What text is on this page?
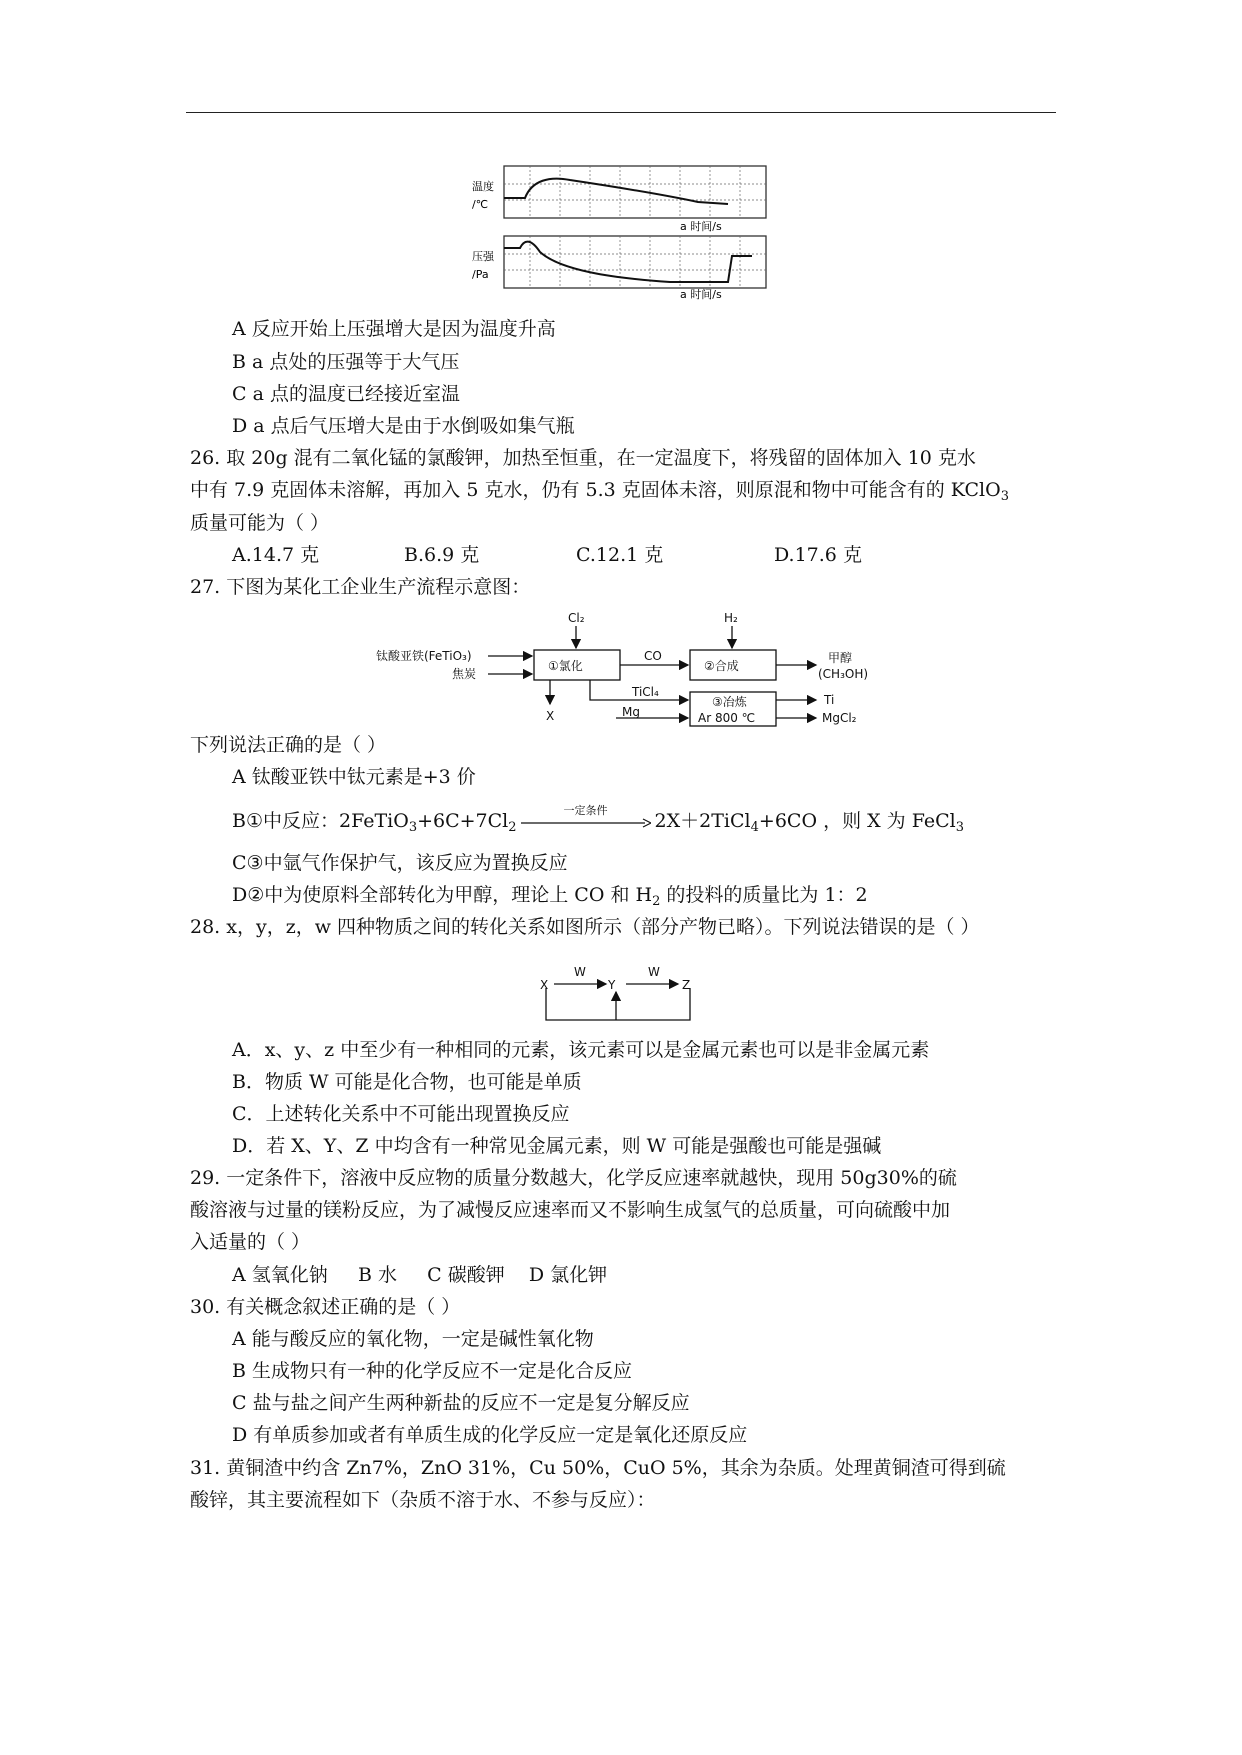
温度
/℃
a 时间/s
压强
/Pa
a 时间/s
A 反应开始上压强增大是因为温度升高
B a 点处的压强等于大气压
C a 点的温度已经接近室温
D a 点后气压增大是由于水倒吸如集气瓶
26. 取 20g 混有二氧化锰的氯酸钾，加热至恒重，在一定温度下，将残留的固体加入 10 克水
中有 7.9 克固体未溶解，再加入 5 克水，仍有 5.3 克固体未溶，则原混和物中可能含有的 KClO$_3$
质量可能为（ ）
A.14.7 克	B.6.9 克	C.12.1 克	D.17.6 克
27. 下图为某化工企业生产流程示意图：
钛酸亚铁(FeTiO₃)
焦炭
Cl₂	H₂
①氯化
CO
②合成
甲醇
(CH₃OH)
TiCl₄
Mg
X
③冶炼
Ar 800 ℃
Ti
MgCl₂
下列说法正确的是（ ）
A 钛酸亚铁中钛元素是+3 价
B①中反应：$2FeTiO_3+6C+7Cl_2$
一定条件	2X＋2TiCl$_4$+6CO ，则 X 为 FeCl$_3$
C③中氩气作保护气，该反应为置换反应
D②中为使原料全部转化为甲醇，理论上 CO 和 $H_2$ 的投料的质量比为 1：2
28. x，y，z，w 四种物质之间的转化关系如图所示（部分产物已略）。下列说法错误的是（ ）
X	Y	Z
W	W
A．x、y、z 中至少有一种相同的元素，该元素可以是金属元素也可以是非金属元素
B．物质 W 可能是化合物，也可能是单质
C．上述转化关系中不可能出现置换反应
D．若 X、Y、Z 中均含有一种常见金属元素，则 W 可能是强酸也可能是强碱
29. 一定条件下，溶液中反应物的质量分数越大，化学反应速率就越快，现用 50g30%的硫
酸溶液与过量的镁粉反应，为了减慢反应速率而又不影响生成氢气的总质量，可向硫酸中加
入适量的（ ）
A 氢氧化钠     B 水     C 碳酸钾    D 氯化钾
30. 有关概念叙述正确的是（ ）
A 能与酸反应的氧化物，一定是碱性氧化物
B 生成物只有一种的化学反应不一定是化合反应
C 盐与盐之间产生两种新盐的反应不一定是复分解反应
D 有单质参加或者有单质生成的化学反应一定是氧化还原反应
31. 黄铜渣中约含 Zn7%，ZnO 31%，Cu 50%，CuO 5%，其余为杂质。处理黄铜渣可得到硫
酸锌，其主要流程如下（杂质不溶于水、不参与反应）：
